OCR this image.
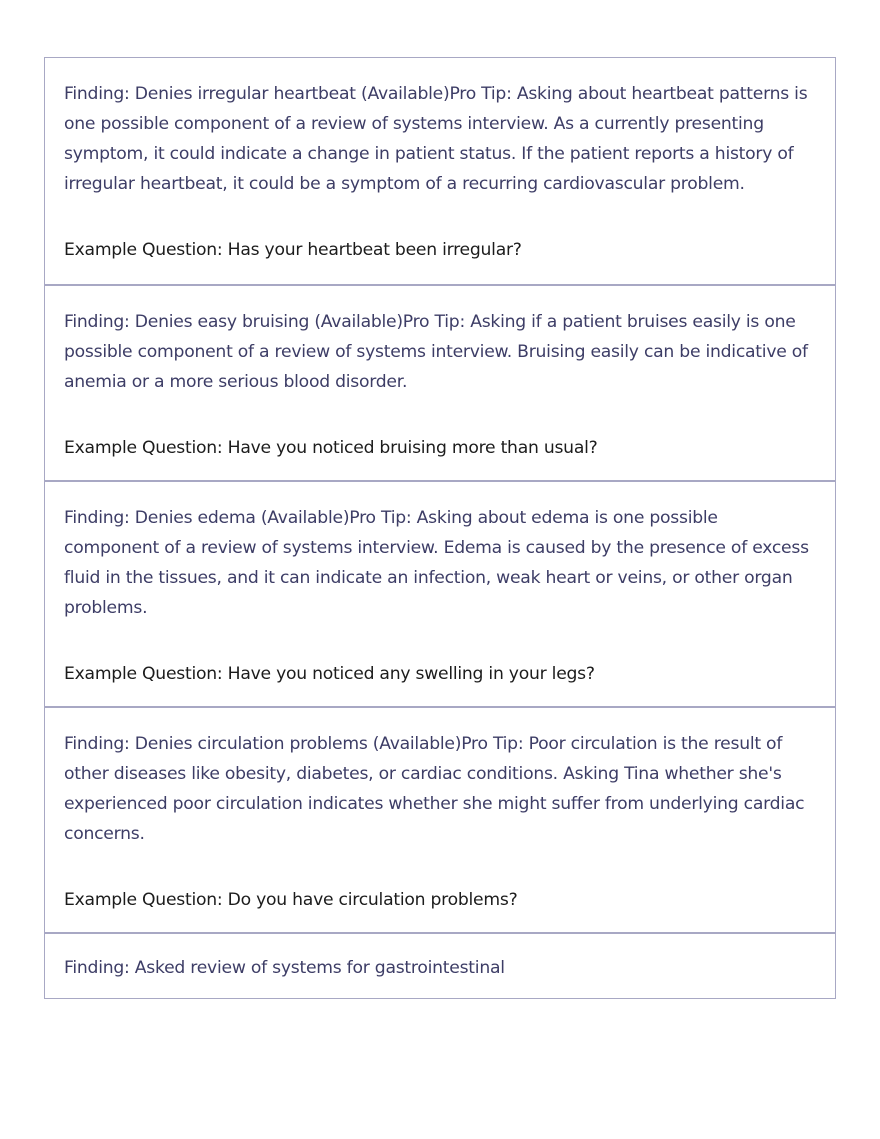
Finding: Denies irregular heartbeat (Available)Pro Tip: Asking about heartbeat patterns is one possible component of a review of systems interview. As a currently presenting symptom, it could indicate a change in patient status. If the patient reports a history of irregular heartbeat, it could be a symptom of a recurring cardiovascular problem.

Example Question: Has your heartbeat been irregular?

Finding: Denies easy bruising (Available)Pro Tip: Asking if a patient bruises easily is one possible component of a review of systems interview. Bruising easily can be indicative of anemia or a more serious blood disorder.

Example Question: Have you noticed bruising more than usual?

Finding: Denies edema (Available)Pro Tip: Asking about edema is one possible component of a review of systems interview. Edema is caused by the presence of excess fluid in the tissues, and it can indicate an infection, weak heart or veins, or other organ problems.

Example Question: Have you noticed any swelling in your legs?

Finding: Denies circulation problems (Available)Pro Tip: Poor circulation is the result of other diseases like obesity, diabetes, or cardiac conditions. Asking Tina whether she's experienced poor circulation indicates whether she might suffer from underlying cardiac concerns.

Example Question: Do you have circulation problems?

Finding: Asked review of systems for gastrointestinal
